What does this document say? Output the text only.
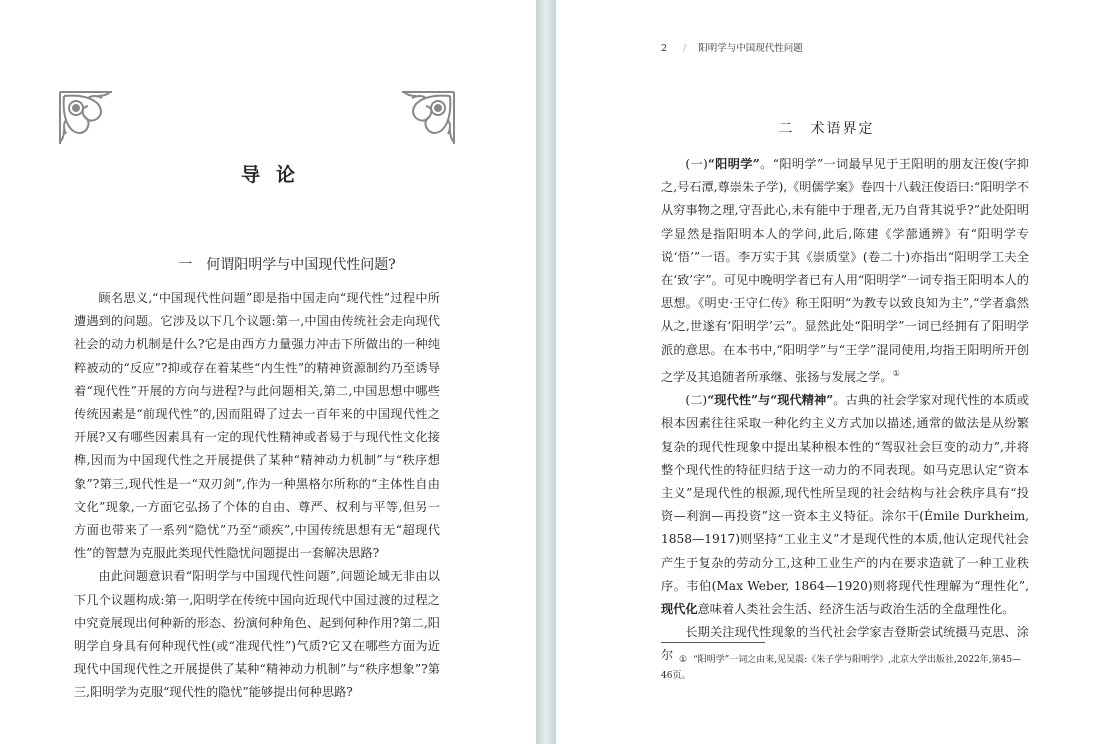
导论
一　何谓阳明学与中国现代性问题?

顾名思义,“中国现代性问题”即是指中国走向“现代性”过程中所遭遇到的问题。它涉及以下几个议题:第一,中国由传统社会走向现代社会的动力机制是什么?它是由西方力量强力冲击下所做出的一种纯粹被动的“反应”?抑或存在着某些“内生性”的精神资源制约乃至诱导着“现代性”开展的方向与进程?与此问题相关,第二,中国思想中哪些传统因素是“前现代性”的,因而阻碍了过去一百年来的中国现代性之开展?又有哪些因素具有一定的现代性精神或者易于与现代性文化接榫,因而为中国现代性之开展提供了某种“精神动力机制”与“秩序想象”?第三,现代性是一“双刃剑”,作为一种黑格尔所称的“主体性自由文化”现象,一方面它弘扬了个体的自由、尊严、权利与平等,但另一方面也带来了一系列“隐忧”乃至“顽疾”,中国传统思想有无“超现代性”的智慧为克服此类现代性隐忧问题提出一套解决思路?

由此问题意识看“阳明学与中国现代性问题”,问题论域无非由以下几个议题构成:第一,阳明学在传统中国向近现代中国过渡的过程之中究竟展现出何种新的形态、扮演何种角色、起到何种作用?第二,阳明学自身具有何种现代性(或“准现代性”)气质?它又在哪些方面为近现代中国现代性之开展提供了某种“精神动力机制”与“秩序想象”?第三,阳明学为克服“现代性的隐忧”能够提出何种思路?

2 / 阳明学与中国现代性问题
二　术语界定

(一)“阳明学”。“阳明学”一词最早见于王阳明的朋友汪俊(字抑之,号石潭,尊崇朱子学),《明儒学案》卷四十八载汪俊语曰:“阳明学不从穷事物之理,守吾此心,未有能中于理者,无乃自背其说乎?”此处阳明学显然是指阳明本人的学问,此后,陈建《学蔀通辨》有“阳明学专说‘悟’”一语。李万实于其《崇质堂》(卷二十)亦指出“阳明学工夫全在‘致’字”。可见中晚明学者已有人用“阳明学”一词专指王阳明本人的思想。《明史·王守仁传》称王阳明“为教专以致良知为主”,“学者翕然从之,世遂有‘阳明学’云”。显然此处“阳明学”一词已经拥有了阳明学派的意思。在本书中,“阳明学”与“王学”混同使用,均指王阳明所开创之学及其追随者所承继、张扬与发展之学。①

(二)“现代性”与“现代精神”。古典的社会学家对现代性的本质或根本因素往往采取一种化约主义方式加以描述,通常的做法是从纷繁复杂的现代性现象中提出某种根本性的“驾驭社会巨变的动力”,并将整个现代性的特征归结于这一动力的不同表现。如马克思认定“资本主义”是现代性的根源,现代性所呈现的社会结构与社会秩序具有“投资—利润—再投资”这一资本主义特征。涂尔干(Émile Durkheim, 1858—1917)则坚持“工业主义”才是现代性的本质,他认定现代社会产生于复杂的劳动分工,这种工业生产的内在要求造就了一种工业秩序。韦伯(Max Weber, 1864—1920)则将现代性理解为“理性化”,现代化意味着人类社会生活、经济生活与政治生活的全盘理性化。

长期关注现代性现象的当代社会学家吉登斯尝试统摄马克思、涂尔 ① “阳明学”一词之由来,见吴震:《朱子学与阳明学》,北京大学出版社,2022年,第45—46页。
